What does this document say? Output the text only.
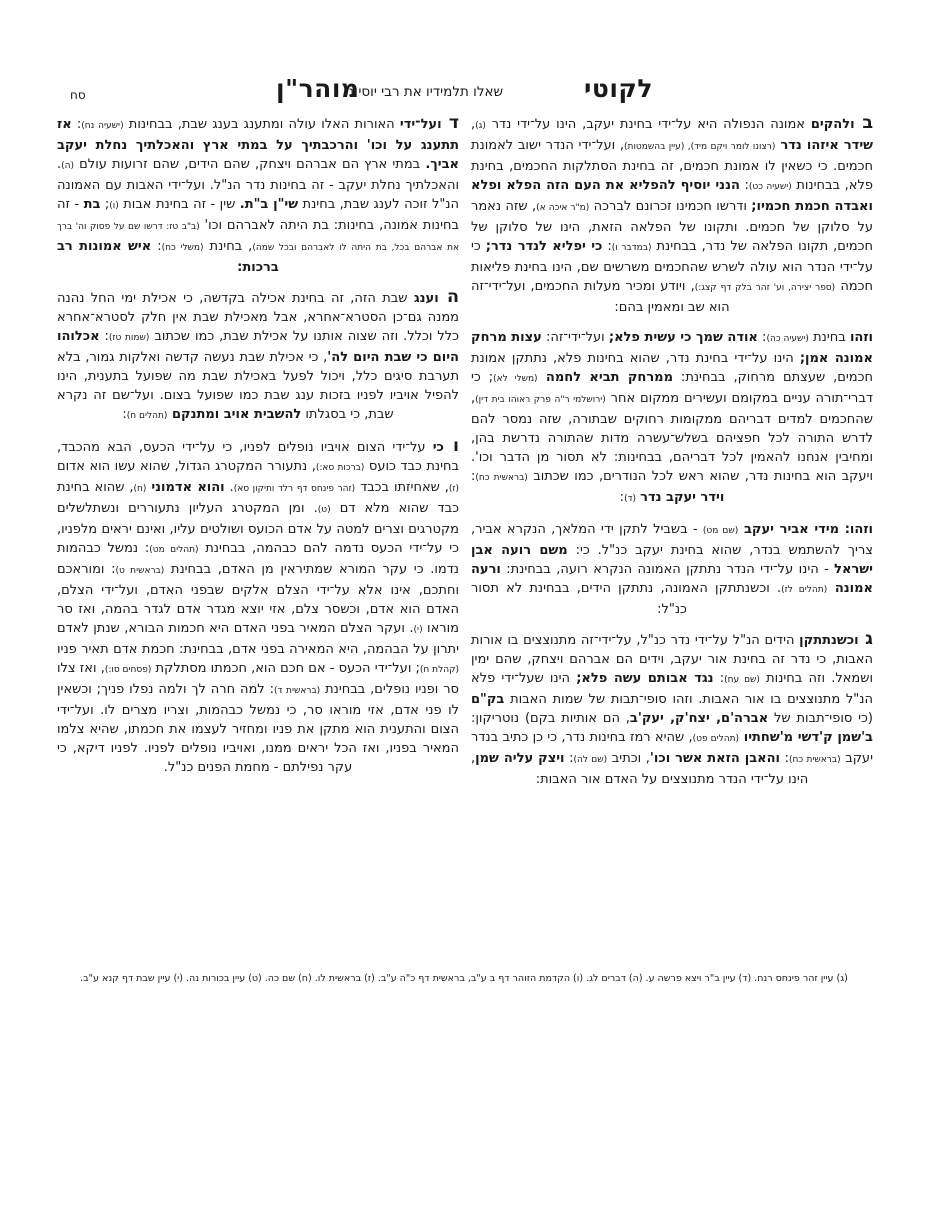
סח	מוהר"ן
שאלו תלמידיו את רבי יוסי נז	לקוטי

ב ולהקים אמונה הנפולה היא על־ידי בחינת יעקב, הינו על־ידי נדר (ג), שידר איזהו נדר (רצונו לומר ויקם מיד), (עיין בהשמטות), ועל־ידי הנדר ישוב לאמונת חכמים. כי כשאין לו אמונת חכמים, זה בחינת הסתלקות החכמים, בחינת פלא, בבחינות (ישעיה כט): הנני יוסיף להפליא את העם הזה הפלא ופלא ואבדה חכמת חכמיו; ודרשו חכמינו זכרונם לברכה (מ"ר איכה א), שזה נאמר על סלוקן של חכמים. ותקונו של הפלאה הזאת, הינו של סלוקן של חכמים, תקונו הפלאה של נדר, בבחינת (במדבר ו): כי יפליא לנדר נדר; כי על־ידי הנדר הוא עולה לשרש שהחכמים משרשים שם, הינו בחינת פליאות חכמה (ספר יצירה, וע' זהר בלק דף קצג:), ויודע ומכיר מעלות החכמים, ועל־ידי־זה הוא שב ומאמין בהם:

וזהו בחינת (ישעיה כה): אודה שמך כי עשית פלא; ועל־ידי־זה: עצות מרחק אמונה אמן; הינו על־ידי בחינת נדר, שהוא בחינות פלא, נתתקן אמונת חכמים, שעצתם מרחוק, בבחינת: ממרחק תביא לחמה (משלי לא); כי דברי־תורה עניים במקומם ועשירים ממקום אחר (ירושלמי ר"ה פרק ראוהו בית דין), שהחכמים למדים דבריהם ממקומות רחוקים שבתורה, שזה נמסר להם לדרש התורה לכל חפציהם בשלש־עשרה מדות שהתורה נדרשת בהן, ומחיבין אנחנו להאמין לכל דבריהם, בבחינות: לא תסור מן הדבר וכו'. ויעקב הוא בחינות נדר, שהוא ראש לכל הנודרים, כמו שכתוב (בראשית כח): וידר יעקב נדר (ד):

וזהו: מידי אביר יעקב (שם מט) - בשביל לתקן ידי המלאך, הנקרא אביר, צריך להשתמש בנדר, שהוא בחינת יעקב כנ"ל. כי: משם רועה אבן ישראל - הינו על־ידי הנדר נתתקן האמונה הנקרא רועה, בבחינת: ורעה אמונה (תהלים לז). וכשנתתקן האמונה, נתתקן הידים, בבחינת לא תסור כנ"ל:

ג וכשנתתקן הידים הנ"ל על־ידי נדר כנ"ל, על־ידי־זה מתנוצצים בו אורות האבות, כי נדר זה בחינת אור יעקב, וידים הם אברהם ויצחק, שהם ימין ושמאל. וזה בחינות (שם עח): נגד אבותם עשה פלא; הינו שעל־ידי פלא הנ"ל מתנוצצים בו אור האבות. וזהו סופי־תבות של שמות האבות בק"ם (כי סופי־תבות של אברה'ם, יצח'ק, יעק'ב, הם אותיות בקם) נוטריקון: ב'שמן ק'דשי מ'שחתיו (תהלים פט), שהיא רמז בחינות נדר, כי כן כתיב בנדר יעקב (בראשית כח): והאבן הזאת אשר וכו', וכתיב (שם לה): ויצק עליה שמן, הינו על־ידי הנדר מתנוצצים על האדם אור האבות:

ד ועל־ידי האורות האלו עולה ומתענג בענג שבת, בבחינות (ישעיה נח): אז תתענג על וכו' והרכבתיך על במתי ארץ והאכלתיך נחלת יעקב אביך. במתי ארץ הם אברהם ויצחק, שהם הידים, שהם זרועות עולם (ה). והאכלתיך נחלת יעקב - זה בחינות נדר הנ"ל. ועל־ידי האבות עם האמונה הנ"ל זוכה לענג שבת, בחינת שי"ן ב"ת. שין - זה בחינת אבות (ו); בת - זה בחינות אמונה, בחינות: בת היתה לאברהם וכו' (ב"ב טז: דרשו שם על פסוק וה' ברך את אברהם בכל, בת היתה לו לאברהם ובכל שמה), בחינת (משלי כח): איש אמונות רב ברכות:

ה וענג שבת הזה, זה בחינת אכילה בקדשה, כי אכילת ימי החל נהנה ממנה גם־כן הסטרא־אחרא, אבל מאכילת שבת אין חלק לסטרא־אחרא כלל וכלל. וזה שצוה אותנו על אכילת שבת, כמו שכתוב (שמות טז): אכלוהו היום כי שבת היום לה', כי אכילת שבת נעשה קדשה ואלקות גמור, בלא תערבת סיגים כלל, ויכול לפעל באכילת שבת מה שפועל בתענית, הינו להפיל אויביו לפניו בזכות ענג שבת כמו שפועל בצום. ועל־שם זה נקרא שבת, כי בסגלתו להשבית אויב ומתנקם (תהלים ח):

ו כי על־ידי הצום אויביו נופלים לפניו, כי על־ידי הכעס, הבא מהכבד, בחינת כבד כועס (ברכות סא:), נתעורר המקטרג הגדול, שהוא עשו הוא אדום (ז), שאחיזתו בכבד (זהר פינחס דף רלד ותיקון סא). והוא אדמוני (ח), שהוא בחינת כבד שהוא מלא דם (ט). ומן המקטרג העליון נתעוררים ונשתלשלים מקטרגים וצרים למטה על אדם הכועס ושולטים עליו, ואינם יראים מלפניו, כי על־ידי הכעס נדמה להם כבהמה, בבחינת (תהלים מט): נמשל כבהמות נדמו. כי עקר המורא שמתיראין מן האדם, בבחינת (בראשית ט): ומוראכם וחתכם, אינו אלא על־ידי הצלם אלקים שבפני האדם, ועל־ידי הצלם, האדם הוא אדם, וכשסר צלם, אזי יוצא מגדר אדם לגדר בהמה, ואז סר מוראו (י). ועקר הצלם המאיר בפני האדם היא חכמות הבורא, שנתן לאדם יתרון על הבהמה, היא המאירה בפני אדם, בבחינת: חכמת אדם תאיר פניו (קהלת ח); ועל־ידי הכעס - אם חכם הוא, חכמתו מסתלקת (פסחים סו:), ואז צלו סר ופניו נופלים, בבחינת (בראשית ד): למה חרה לך ולמה נפלו פניך; וכשאין לו פני אדם, אזי מוראו סר, כי נמשל כבהמות, וצריו מצרים לו. ועל־ידי הצום והתענית הוא מתקן את פניו ומחזיר לעצמו את חכמתו, שהיא צלמו המאיר בפניו, ואז הכל יראים ממנו, ואויביו נופלים לפניו. לפניו דיקא, כי עקר נפילתם - מחמת הפנים כנ"ל.

(ג) עיין זהר פינחס רנח. (ד) עיין ב"ר ויצא פרשה ע. (ה) דברים לג. (ו) הקדמת הזוהר דף ב ע"ב, בראשית דף כ"ה ע"ב. (ז) בראשית לו. (ח) שם כה. (ט) עיין בכורות נה. (י) עיין שבת דף קנא ע"ב.
